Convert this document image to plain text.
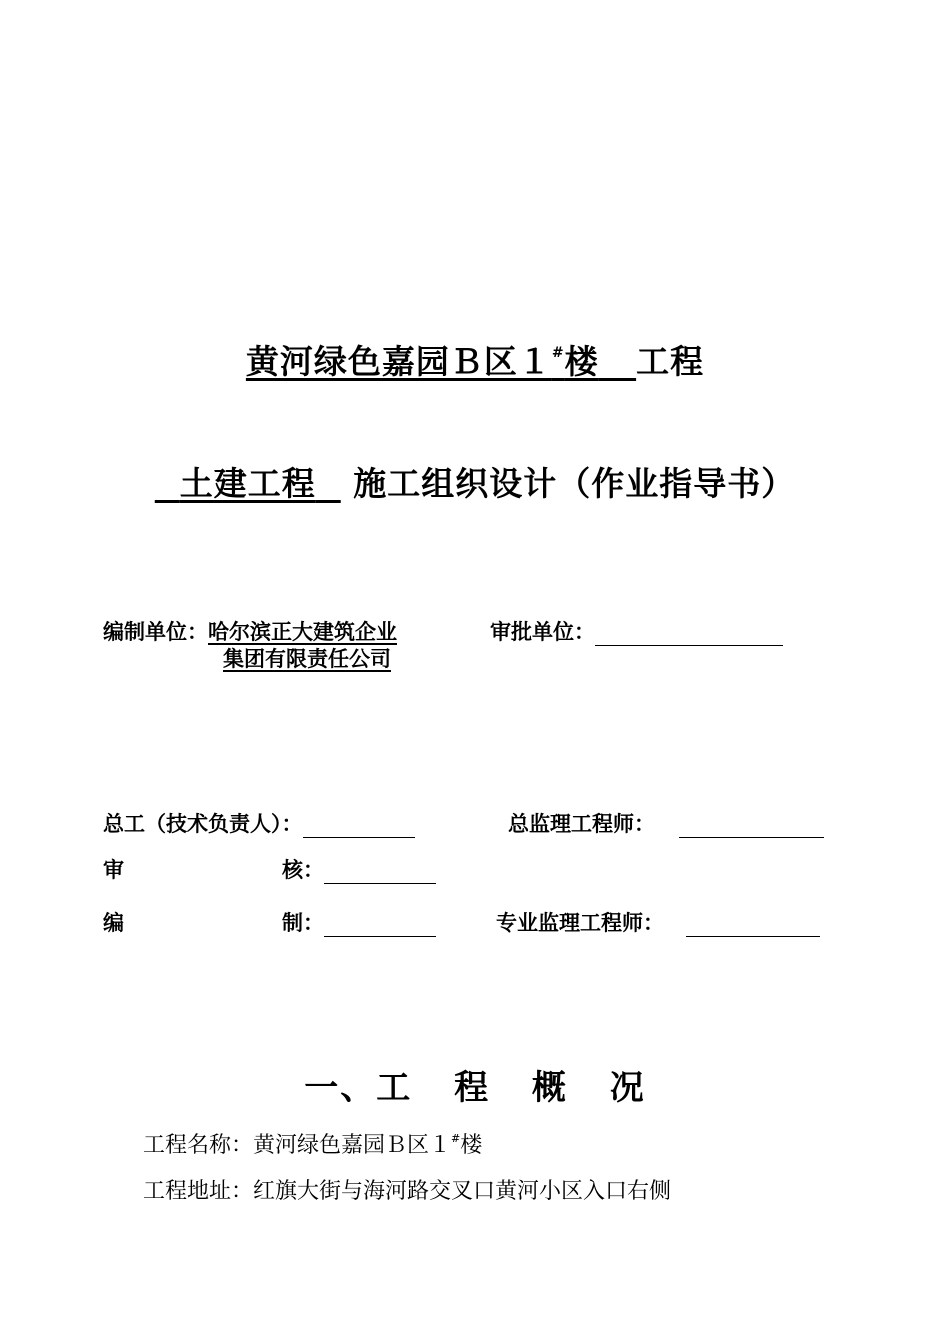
黄河绿色嘉园Ｂ区１#楼 工程
土建工程 施工组织设计（作业指导书）
编制单位：哈尔滨正大建筑企业
集团有限责任公司
审批单位：
总工（技术负责人）：	总监理工程师：
审	核：
编	制：	专业监理工程师：
一、工 程 概 况
工程名称：黄河绿色嘉园Ｂ区１#楼
工程地址：红旗大街与海河路交叉口黄河小区入口右侧
